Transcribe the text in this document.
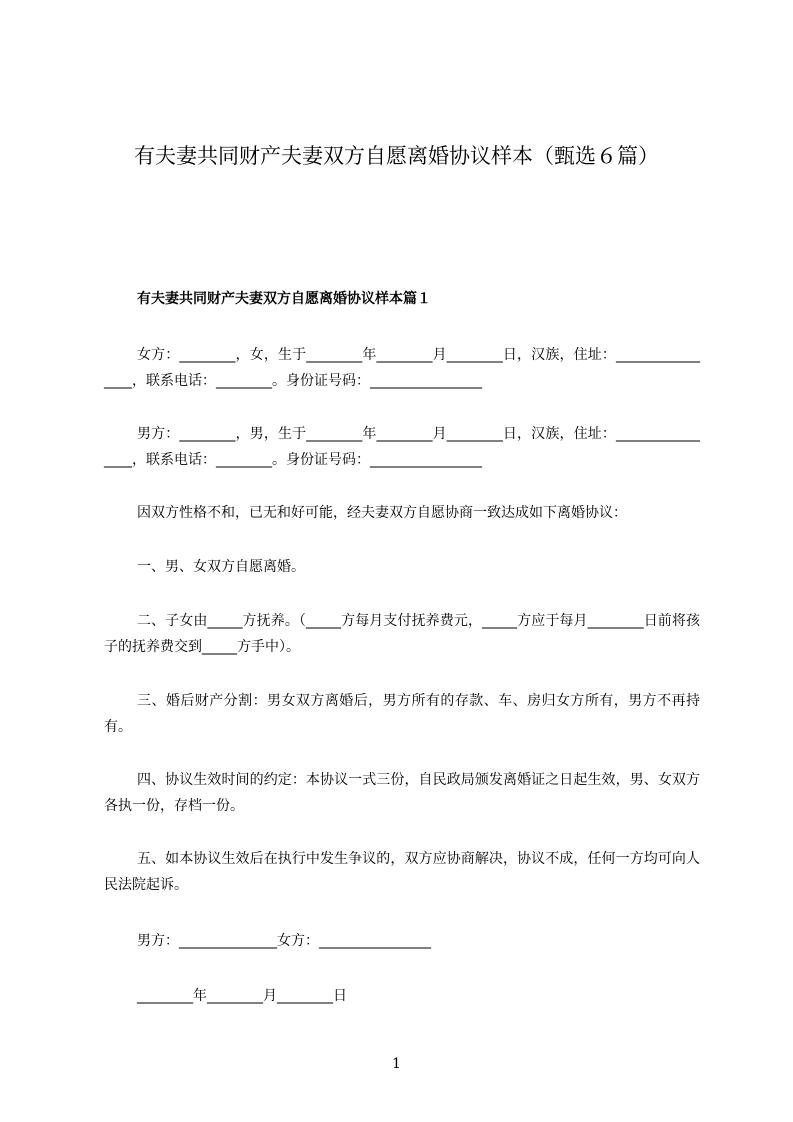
有夫妻共同财产夫妻双方自愿离婚协议样本（甄选６篇）
有夫妻共同财产夫妻双方自愿离婚协议样本篇１

女方：________，女，生于________年________月________日，汉族，住址：________________，联系电话：________。身份证号码：________________

男方：________，男，生于________年________月________日，汉族，住址：________________，联系电话：________。身份证号码：________________

因双方性格不和，已无和好可能，经夫妻双方自愿协商一致达成如下离婚协议：

一、男、女双方自愿离婚。

二、子女由_____方抚养。（_____方每月支付抚养费元，_____方应于每月________日前将孩子的抚养费交到_____方手中）。

三、婚后财产分割：男女双方离婚后，男方所有的存款、车、房归女方所有，男方不再持有。

四、协议生效时间的约定：本协议一式三份，自民政局颁发离婚证之日起生效，男、女双方各执一份，存档一份。

五、如本协议生效后在执行中发生争议的，双方应协商解决，协议不成，任何一方均可向人民法院起诉。

男方：______________女方：________________

________年________月________日

1
